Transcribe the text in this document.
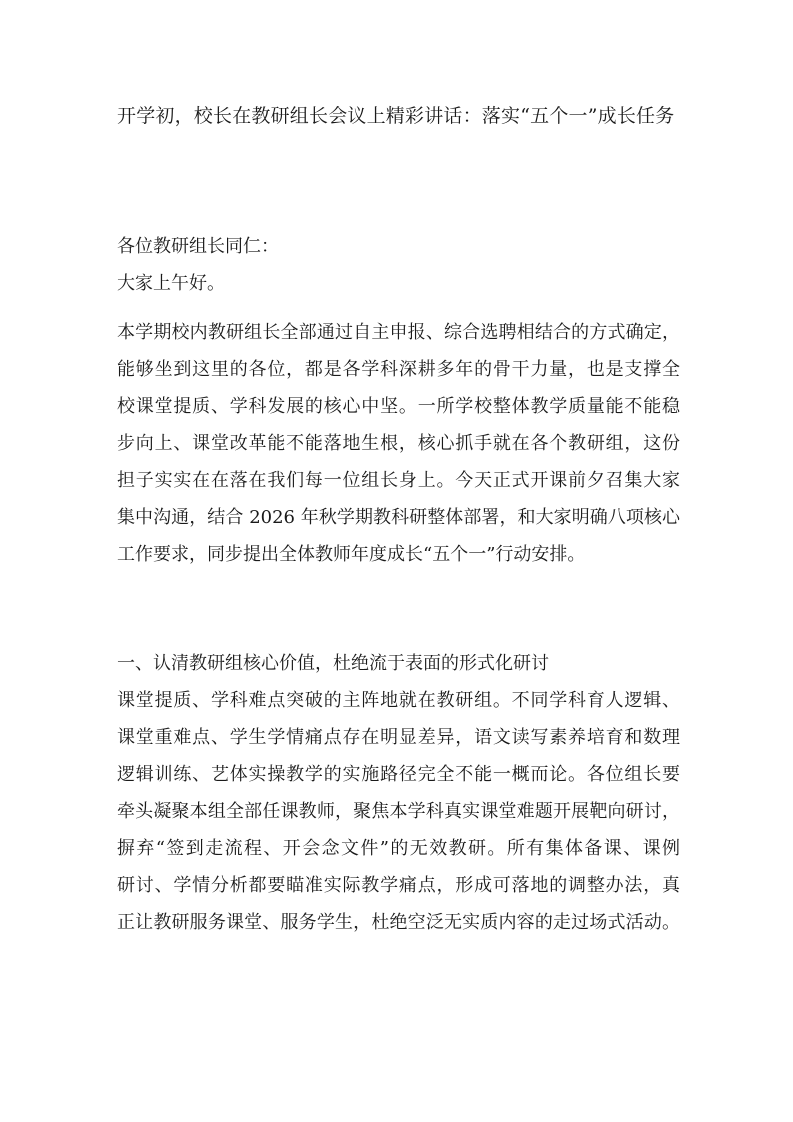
开学初，校长在教研组长会议上精彩讲话：落实“五个一”成长任务
各位教研组长同仁：
大家上午好。
本学期校内教研组长全部通过自主申报、综合选聘相结合的方式确定，
能够坐到这里的各位，都是各学科深耕多年的骨干力量，也是支撑全
校课堂提质、学科发展的核心中坚。一所学校整体教学质量能不能稳
步向上、课堂改革能不能落地生根，核心抓手就在各个教研组，这份
担子实实在在落在我们每一位组长身上。今天正式开课前夕召集大家
集中沟通，结合 2026 年秋学期教科研整体部署，和大家明确八项核心
工作要求，同步提出全体教师年度成长“五个一”行动安排。
一、认清教研组核心价值，杜绝流于表面的形式化研讨
课堂提质、学科难点突破的主阵地就在教研组。不同学科育人逻辑、
课堂重难点、学生学情痛点存在明显差异，语文读写素养培育和数理
逻辑训练、艺体实操教学的实施路径完全不能一概而论。各位组长要
牵头凝聚本组全部任课教师，聚焦本学科真实课堂难题开展靶向研讨，
摒弃“签到走流程、开会念文件”的无效教研。所有集体备课、课例
研讨、学情分析都要瞄准实际教学痛点，形成可落地的调整办法，真
正让教研服务课堂、服务学生，杜绝空泛无实质内容的走过场式活动。
